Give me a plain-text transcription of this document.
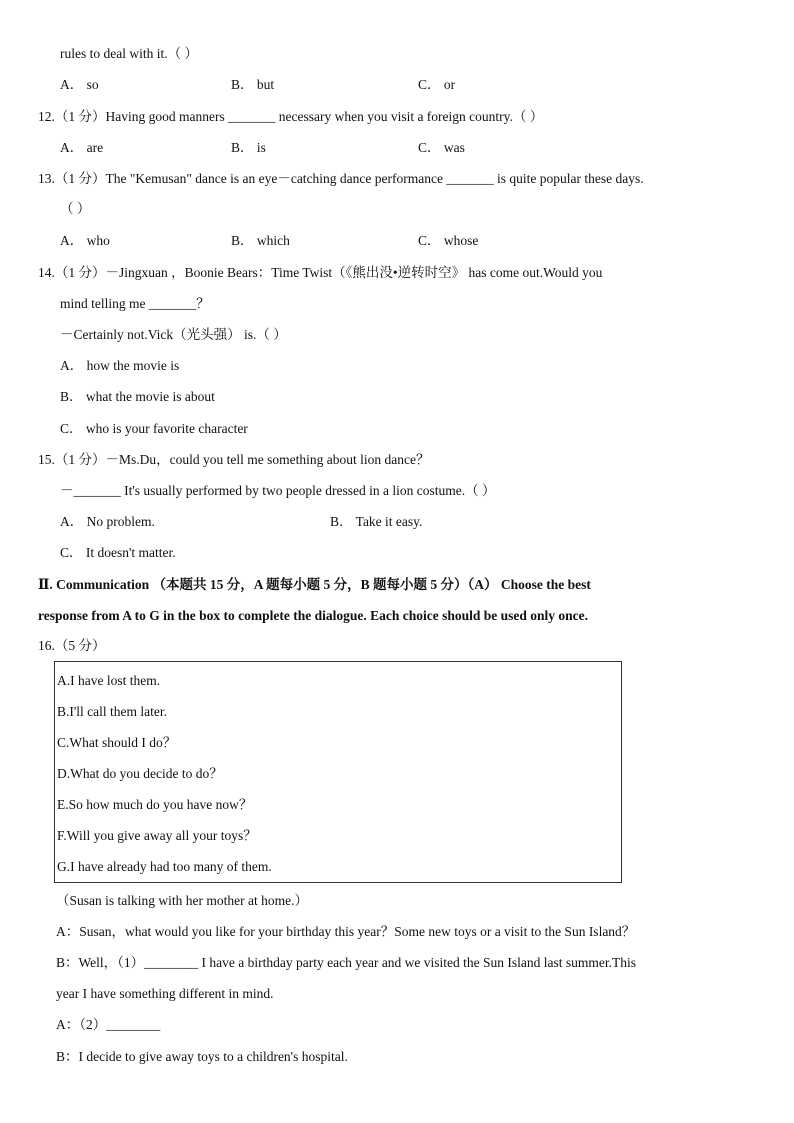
rules to deal with it.（ ）
A． so	B． but	C． or
12.（1 分）Having good manners _______ necessary when you visit a foreign country.（ ）
A． are	B． is	C． was
13.（1 分）The "Kemusan" dance is an eye－catching dance performance _______ is quite popular these days.
（ ）
A． who	B． which	C． whose
14.（1 分）－Jingxuan ，Boonie Bears：Time Twist（《熊出没•逆转时空》 has come out.Would you
mind telling me _______？
－Certainly not.Vick（光头强） is.（ ）
A． how the movie is
B． what the movie is about
C． who is your favorite character
15.（1 分）－Ms.Du，could you tell me something about lion dance？
－_______ It's usually performed by two people dressed in a lion costume.（ ）
A． No problem.	B． Take it easy.
C． It doesn't matter.
Ⅱ. Communication （本题共 15 分，A 题每小题 5 分，B 题每小题 5 分）（A） Choose the best
response from A to G in the box to complete the dialogue. Each choice should be used only once.
16.（5 分）
A.I have lost them.
B.I'll call them later.
C.What should I do？
D.What do you decide to do？
E.So how much do you have now？
F.Will you give away all your toys？
G.I have already had too many of them.
（Susan is talking with her mother at home.）
A：Susan，what would you like for your birthday this year？Some new toys or a visit to the Sun Island？
B：Well，（1）________ I have a birthday party each year and we visited the Sun Island last summer.This
year I have something different in mind.
A：（2）________
B：I decide to give away toys to a children's hospital.
